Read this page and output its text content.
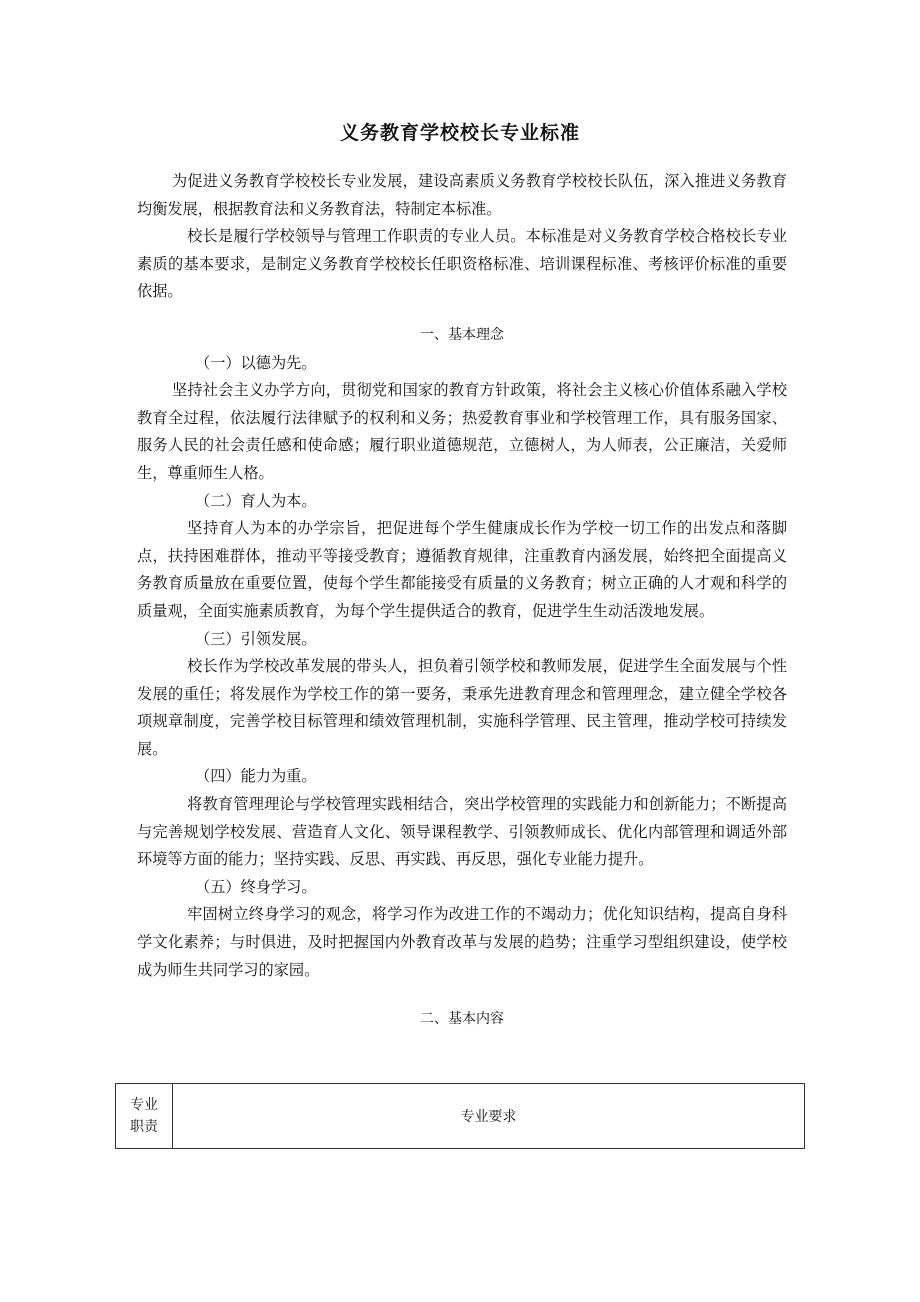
义务教育学校校长专业标准

为促进义务教育学校校长专业发展，建设高素质义务教育学校校长队伍，深入推进义务教育均衡发展，根据教育法和义务教育法，特制定本标准。

校长是履行学校领导与管理工作职责的专业人员。本标准是对义务教育学校合格校长专业素质的基本要求，是制定义务教育学校校长任职资格标准、培训课程标准、考核评价标准的重要依据。

一、基本理念

（一）以德为先。

坚持社会主义办学方向，贯彻党和国家的教育方针政策，将社会主义核心价值体系融入学校教育全过程，依法履行法律赋予的权利和义务；热爱教育事业和学校管理工作，具有服务国家、服务人民的社会责任感和使命感；履行职业道德规范，立德树人，为人师表，公正廉洁，关爱师生，尊重师生人格。

（二）育人为本。

坚持育人为本的办学宗旨，把促进每个学生健康成长作为学校一切工作的出发点和落脚点，扶持困难群体，推动平等接受教育；遵循教育规律，注重教育内涵发展，始终把全面提高义务教育质量放在重要位置，使每个学生都能接受有质量的义务教育；树立正确的人才观和科学的质量观，全面实施素质教育，为每个学生提供适合的教育，促进学生生动活泼地发展。

（三）引领发展。

校长作为学校改革发展的带头人，担负着引领学校和教师发展，促进学生全面发展与个性发展的重任；将发展作为学校工作的第一要务，秉承先进教育理念和管理理念，建立健全学校各项规章制度，完善学校目标管理和绩效管理机制，实施科学管理、民主管理，推动学校可持续发展。

（四）能力为重。

将教育管理理论与学校管理实践相结合，突出学校管理的实践能力和创新能力；不断提高与完善规划学校发展、营造育人文化、领导课程教学、引领教师成长、优化内部管理和调适外部环境等方面的能力；坚持实践、反思、再实践、再反思，强化专业能力提升。

（五）终身学习。

牢固树立终身学习的观念，将学习作为改进工作的不竭动力；优化知识结构，提高自身科学文化素养；与时俱进，及时把握国内外教育改革与发展的趋势；注重学习型组织建设，使学校成为师生共同学习的家园。

二、基本内容

专业
职责	专业要求
